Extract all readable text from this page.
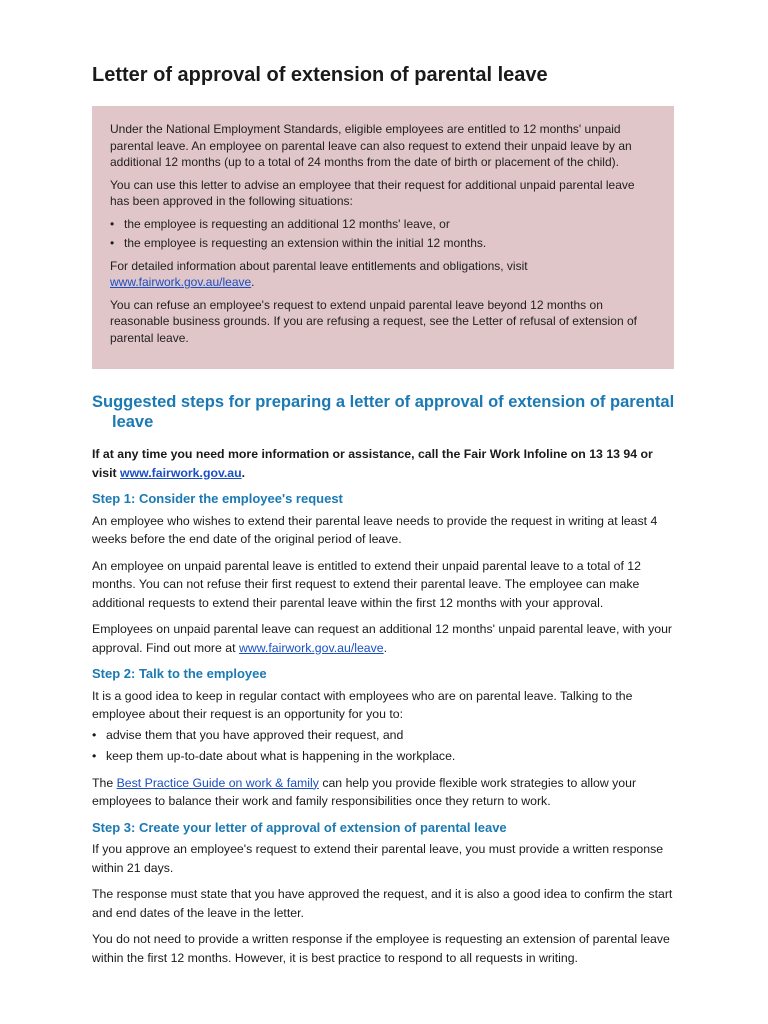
Letter of approval of extension of parental leave

Under the National Employment Standards, eligible employees are entitled to 12 months' unpaid parental leave. An employee on parental leave can also request to extend their unpaid leave by an additional 12 months (up to a total of 24 months from the date of birth or placement of the child).

You can use this letter to advise an employee that their request for additional unpaid parental leave has been approved in the following situations:

• the employee is requesting an additional 12 months' leave, or
• the employee is requesting an extension within the initial 12 months.

For detailed information about parental leave entitlements and obligations, visit www.fairwork.gov.au/leave.

You can refuse an employee's request to extend unpaid parental leave beyond 12 months on reasonable business grounds. If you are refusing a request, see the Letter of refusal of extension of parental leave.

Suggested steps for preparing a letter of approval of extension of parental leave

If at any time you need more information or assistance, call the Fair Work Infoline on 13 13 94 or visit www.fairwork.gov.au.

Step 1: Consider the employee's request

An employee who wishes to extend their parental leave needs to provide the request in writing at least 4 weeks before the end date of the original period of leave.

An employee on unpaid parental leave is entitled to extend their unpaid parental leave to a total of 12 months. You can not refuse their first request to extend their parental leave. The employee can make additional requests to extend their parental leave within the first 12 months with your approval.

Employees on unpaid parental leave can request an additional 12 months' unpaid parental leave, with your approval. Find out more at www.fairwork.gov.au/leave.

Step 2: Talk to the employee

It is a good idea to keep in regular contact with employees who are on parental leave. Talking to the employee about their request is an opportunity for you to:

• advise them that you have approved their request, and
• keep them up-to-date about what is happening in the workplace.

The Best Practice Guide on work & family can help you provide flexible work strategies to allow your employees to balance their work and family responsibilities once they return to work.

Step 3: Create your letter of approval of extension of parental leave

If you approve an employee's request to extend their parental leave, you must provide a written response within 21 days.

The response must state that you have approved the request, and it is also a good idea to confirm the start and end dates of the leave in the letter.

You do not need to provide a written response if the employee is requesting an extension of parental leave within the first 12 months. However, it is best practice to respond to all requests in writing.
